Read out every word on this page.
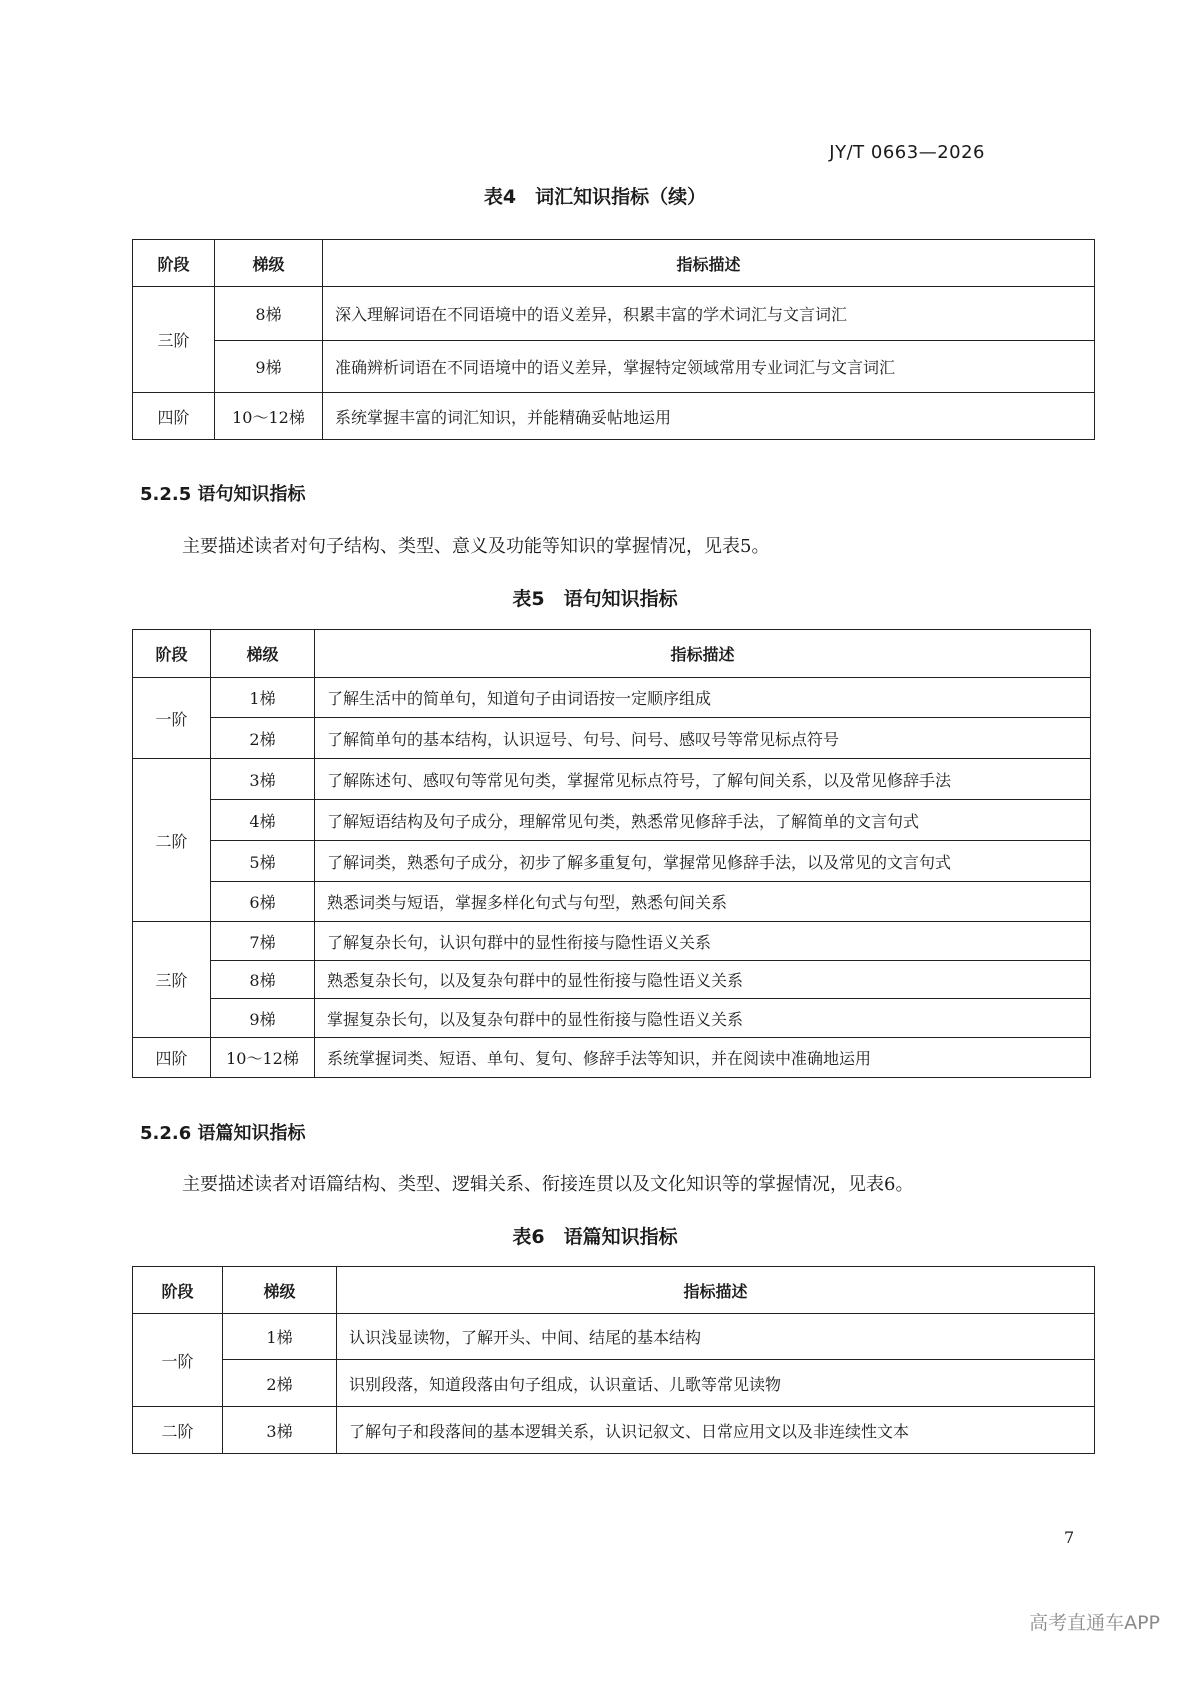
JY/T 0663—2026
表4　词汇知识指标（续）
阶段	梯级	指标描述
三阶	8梯	深入理解词语在不同语境中的语义差异，积累丰富的学术词汇与文言词汇
	9梯	准确辨析词语在不同语境中的语义差异，掌握特定领域常用专业词汇与文言词汇
四阶	10～12梯	系统掌握丰富的词汇知识，并能精确妥帖地运用
5.2.5 语句知识指标
主要描述读者对句子结构、类型、意义及功能等知识的掌握情况，见表5。
表5　语句知识指标
阶段	梯级	指标描述
一阶	1梯	了解生活中的简单句，知道句子由词语按一定顺序组成
	2梯	了解简单句的基本结构，认识逗号、句号、问号、感叹号等常见标点符号
二阶	3梯	了解陈述句、感叹句等常见句类，掌握常见标点符号，了解句间关系，以及常见修辞手法
	4梯	了解短语结构及句子成分，理解常见句类，熟悉常见修辞手法，了解简单的文言句式
	5梯	了解词类，熟悉句子成分，初步了解多重复句，掌握常见修辞手法，以及常见的文言句式
	6梯	熟悉词类与短语，掌握多样化句式与句型，熟悉句间关系
三阶	7梯	了解复杂长句，认识句群中的显性衔接与隐性语义关系
	8梯	熟悉复杂长句，以及复杂句群中的显性衔接与隐性语义关系
	9梯	掌握复杂长句，以及复杂句群中的显性衔接与隐性语义关系
四阶	10～12梯	系统掌握词类、短语、单句、复句、修辞手法等知识，并在阅读中准确地运用
5.2.6 语篇知识指标
主要描述读者对语篇结构、类型、逻辑关系、衔接连贯以及文化知识等的掌握情况，见表6。
表6　语篇知识指标
阶段	梯级	指标描述
一阶	1梯	认识浅显读物，了解开头、中间、结尾的基本结构
	2梯	识别段落，知道段落由句子组成，认识童话、儿歌等常见读物
二阶	3梯	了解句子和段落间的基本逻辑关系，认识记叙文、日常应用文以及非连续性文本
7
高考直通车APP
